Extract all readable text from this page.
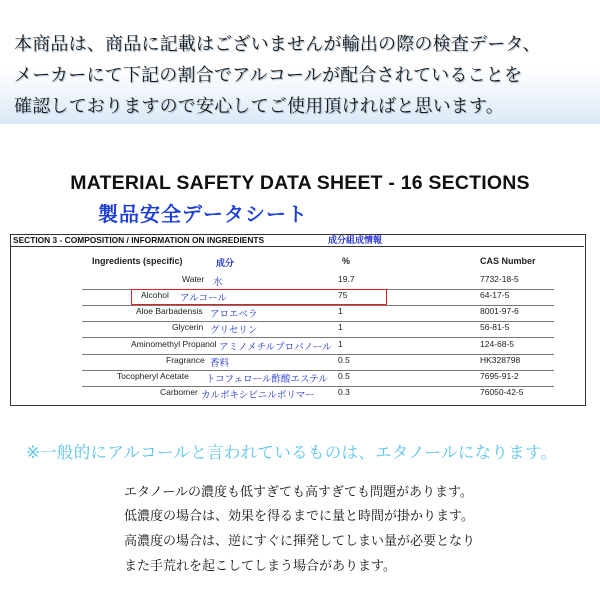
本商品は、商品に記載はございませんが輸出の際の検査データ、
メーカーにて下記の割合でアルコールが配合されていることを
確認しておりますので安心してご使用頂ければと思います。
MATERIAL SAFETY DATA SHEET - 16 SECTIONS
製品安全データシート
SECTION 3 - COMPOSITION / INFORMATION ON INGREDIENTS	成分組成情報
Ingredients (specific)	成分	%	CAS Number
Water 水	19.7	7732-18-5
Alcohol アルコール	75	64-17-5
Aloe Barbadensis アロエベラ	1	8001-97-6
Glycerin グリセリン	1	56-81-5
Aminomethyl Propanol アミノメチルプロパノール 1	124-68-5
Fragrance 香料	0.5	HK328798
Tocopheryl Acetate トコフェロール酢酸エステル 0.5	7695-91-2
Carbomer カルボキシビニルポリマー	0.3	76050-42-5
※一般的にアルコールと言われているものは、エタノールになります。
エタノールの濃度も低すぎても高すぎても問題があります。
低濃度の場合は、効果を得るまでに量と時間が掛かります。
高濃度の場合は、逆にすぐに揮発してしまい量が必要となり
また手荒れを起こしてしまう場合があります。
